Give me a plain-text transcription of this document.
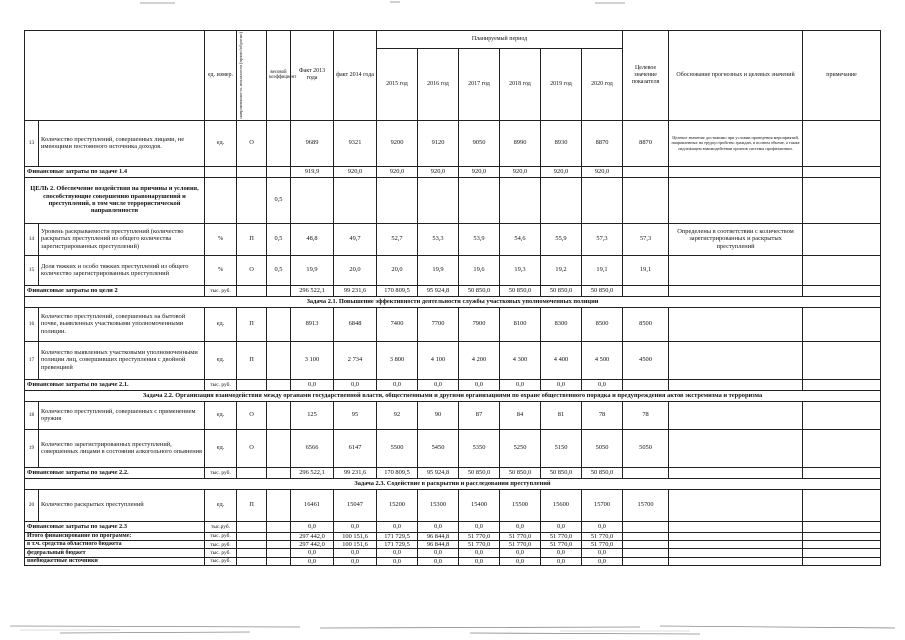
		ед. измер.	направленность показателя (прямо/обратно)	весовой коэффициент	Факт 2013 года	факт 2014 года	Планируемый период						Целевое значение показателя	Обоснование прогнозных и целевых значений	примечание
							2015 год	2016 год	2017 год	2018 год	2019 год	2020 год			
13	Количество преступлений, совершенных лицами, не имеющими постоянного источника доходов.	ед.	О		9689	9321	9200	9120	9050	8990	8930	8870	8870	Целевое значение достижимо при условии проведения мероприятий, направленных на трудоустройство граждан, в полном объеме, а также надлежащем взаимодействии органов системы профилактики.	
Финансовые затраты по задаче 1.4					919,9	920,0	920,0	920,0	920,0	920,0	920,0	920,0			
ЦЕЛЬ 2. Обеспечение воздействия на причины и условия, способствующие совершению правонарушений и преступлений, в том числе террористической направленности				0,5											
14	Уровень раскрываемости преступлений (количество раскрытых преступлений из общего количества зарегистрированных преступлений)	%	П	0,5	48,8	49,7	52,7	53,3	53,9	54,6	55,9	57,3	57,3	Определены в соответствии с количеством зарегистрированных и раскрытых преступлений	
15	Доля тяжких и особо тяжких преступлений из общего количество зарегистрированных преступлений	%	О	0,5	19,9	20,0	20,0	19,9	19,6	19,3	19,2	19,1	19,1		
Финансовые затраты по цели 2		тыс. руб.			296 522,1	99 231,6	170 809,5	95 924,8	50 850,0	50 850,0	50 850,0	50 850,0			
Задача 2.1. Повышение эффективности деятельности службы участковых уполномоченных полиции															
16	Количество преступлений, совершенных на бытовой почве, выявленных участковыми уполномоченными полиции.	ед.	П		8913	6848	7400	7700	7900	8100	8300	8500	8500		
17	Количество выявленных участковыми уполномоченными полиции лиц, совершивших преступления с двойной превенцией	ед.	П		3 100	2 734	3 800	4 100	4 200	4 300	4 400	4 500	4500		
Финансовые затраты по задаче 2.1.		тыс. руб.			0,0	0,0	0,0	0,0	0,0	0,0	0,0	0,0			
Задача 2.2. Организация взаимодействия между органами государственной власти, общественными и другими организациями по охране общественного порядка и предупреждения актов экстремизма и терроризма															
18	Количество преступлений, совершенных с применением оружия	ед.	О		125	95	92	90	87	84	81	78	78		
19	Количество зарегистрированных преступлений, совершенных лицами в состоянии алкогольного опьянения	ед.	О		6566	6147	5500	5450	5350	5250	5150	5050	5050		
Финансовые затраты по задаче 2.2.		тыс. руб.			296 522,1	99 231,6	170 809,5	95 924,8	50 850,0	50 850,0	50 850,0	50 850,0			
Задача 2.3. Содействие в раскрытии и расследовании преступлений															
20	Количество раскрытых преступлений	ед.	П		16461	15047	15200	15300	15400	15500	15600	15700	15700		
Финансовые затраты по задаче 2.3		тыс.руб.			0,0	0,0	0,0	0,0	0,0	0,0	0,0	0,0			
Итого финансирование по программе:		тыс. руб.			297 442,0	100 151,6	171 729,5	96 844,8	51 770,0	51 770,0	51 770,0	51 770,0			
в т.ч. средства областного бюджета		тыс. руб.			297 442,0	100 151,6	171 729,5	96 844,8	51 770,0	51 770,0	51 770,0	51 770,0			
федеральный бюджет		тыс. руб.			0,0	0,0	0,0	0,0	0,0	0,0	0,0	0,0			
внебюджетные источники		тыс. руб.			0,0	0,0	0,0	0,0	0,0	0,0	0,0	0,0			
